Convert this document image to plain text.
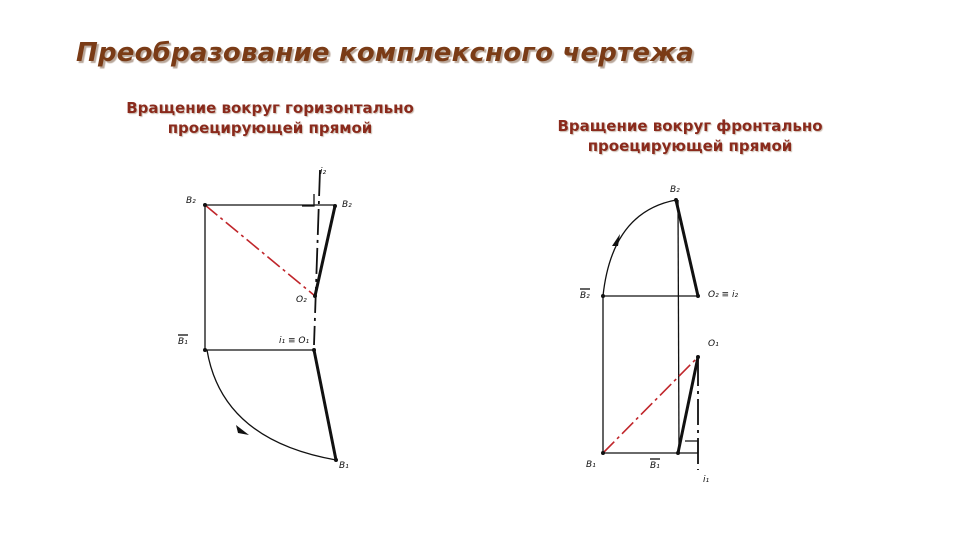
Преобразование комплексного чертежа
Вращение вокруг горизонтально
проецирующей прямой	Вращение вокруг фронтально
проецирующей прямой
i₂
B₂	B₂
O₂
B₁	i₁ ≡ O₁
B₁
B₂
B₂	O₂ ≡ i₂
O₁
B₁	B₁
i₁
